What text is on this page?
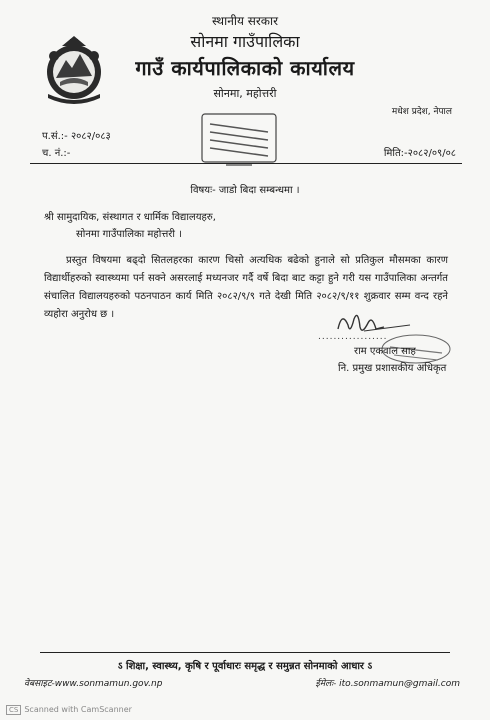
स्थानीय सरकार
सोनमा गाउँपालिका
गाउँ कार्यपालिकाको कार्यालय
सोनमा, महोत्तरी
मधेश प्रदेश, नेपाल
प.सं.:- २०८२/०८३
च. नं.:-	मिति:-२०८२/०९/०८
विषयः- जाडो बिदा सम्बन्धमा ।
श्री सामुदायिक, संस्थागत र धार्मिक विद्यालयहरु,
सोनमा गाउँपालिका महोत्तरी ।
प्रस्तुत विषयमा बढ्दो सितलहरका कारण चिसो अत्यधिक बढेको हुनाले सो प्रतिकुल मौसमका कारण विद्यार्थीहरुको स्वास्थ्यमा पर्न सक्ने असरलाई मध्यनजर गर्दै वर्षे बिदा बाट कट्टा हुने गरी यस गाउँपालिका अन्तर्गत संचालित विद्यालयहरुको पठनपाठन कार्य मिति २०८२/९/९ गते देखी मिति २०८२/९/११ शुक्रवार सम्म वन्द रहने व्यहोरा अनुरोध छ ।
..................
राम एकवाल साह
नि. प्रमुख प्रशासकीय अधिकृत
ऽ शिक्षा, स्वास्थ्य, कृषि र पूर्वाधारः समृद्ध र समुन्नत सोनमाको आधार ऽ
वेबसाइट-www.sonmamun.gov.np	ईमेलः- ito.sonmamun@gmail.com
CS Scanned with CamScanner
